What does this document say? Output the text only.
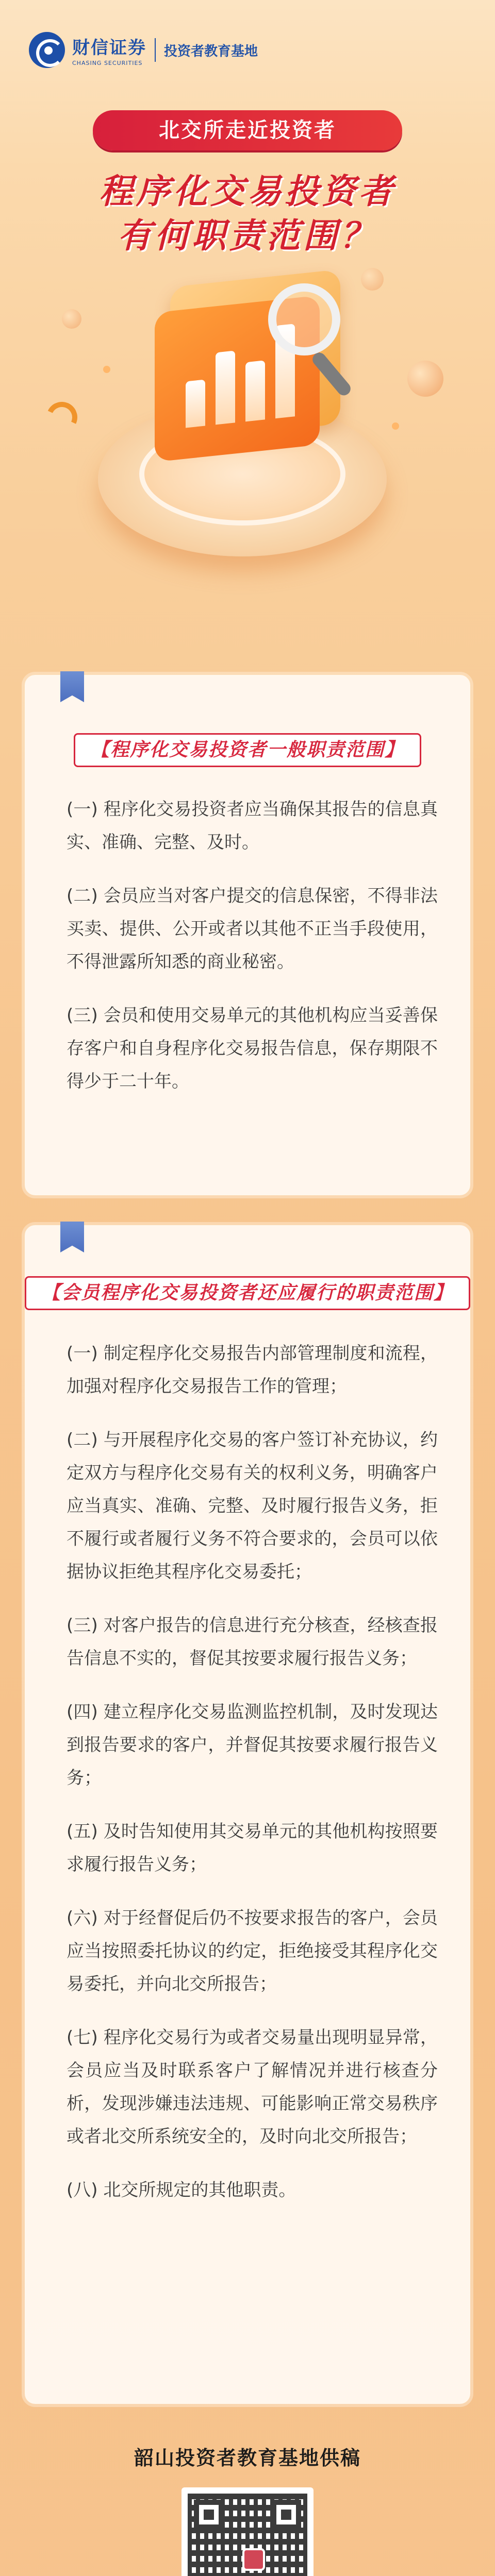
财信证券
CHASING SECURITIES
投资者教育基地
北交所走近投资者
程序化交易投资者
有何职责范围？
【程序化交易投资者一般职责范围】

(一) 程序化交易投资者应当确保其报告的信息真实、准确、完整、及时。

(二) 会员应当对客户提交的信息保密，不得非法买卖、提供、公开或者以其他不正当手段使用，不得泄露所知悉的商业秘密。

(三) 会员和使用交易单元的其他机构应当妥善保存客户和自身程序化交易报告信息，保存期限不得少于二十年。

【会员程序化交易投资者还应履行的职责范围】

(一) 制定程序化交易报告内部管理制度和流程，加强对程序化交易报告工作的管理；

(二) 与开展程序化交易的客户签订补充协议，约定双方与程序化交易有关的权利义务，明确客户应当真实、准确、完整、及时履行报告义务，拒不履行或者履行义务不符合要求的，会员可以依据协议拒绝其程序化交易委托；

(三) 对客户报告的信息进行充分核查，经核查报告信息不实的，督促其按要求履行报告义务；

(四) 建立程序化交易监测监控机制，及时发现达到报告要求的客户，并督促其按要求履行报告义务；

(五) 及时告知使用其交易单元的其他机构按照要求履行报告义务；

(六) 对于经督促后仍不按要求报告的客户，会员应当按照委托协议的约定，拒绝接受其程序化交易委托，并向北交所报告；

(七) 程序化交易行为或者交易量出现明显异常，会员应当及时联系客户了解情况并进行核查分析，发现涉嫌违法违规、可能影响正常交易秩序或者北交所系统安全的，及时向北交所报告；

(八) 北交所规定的其他职责。

韶山投资者教育基地供稿
